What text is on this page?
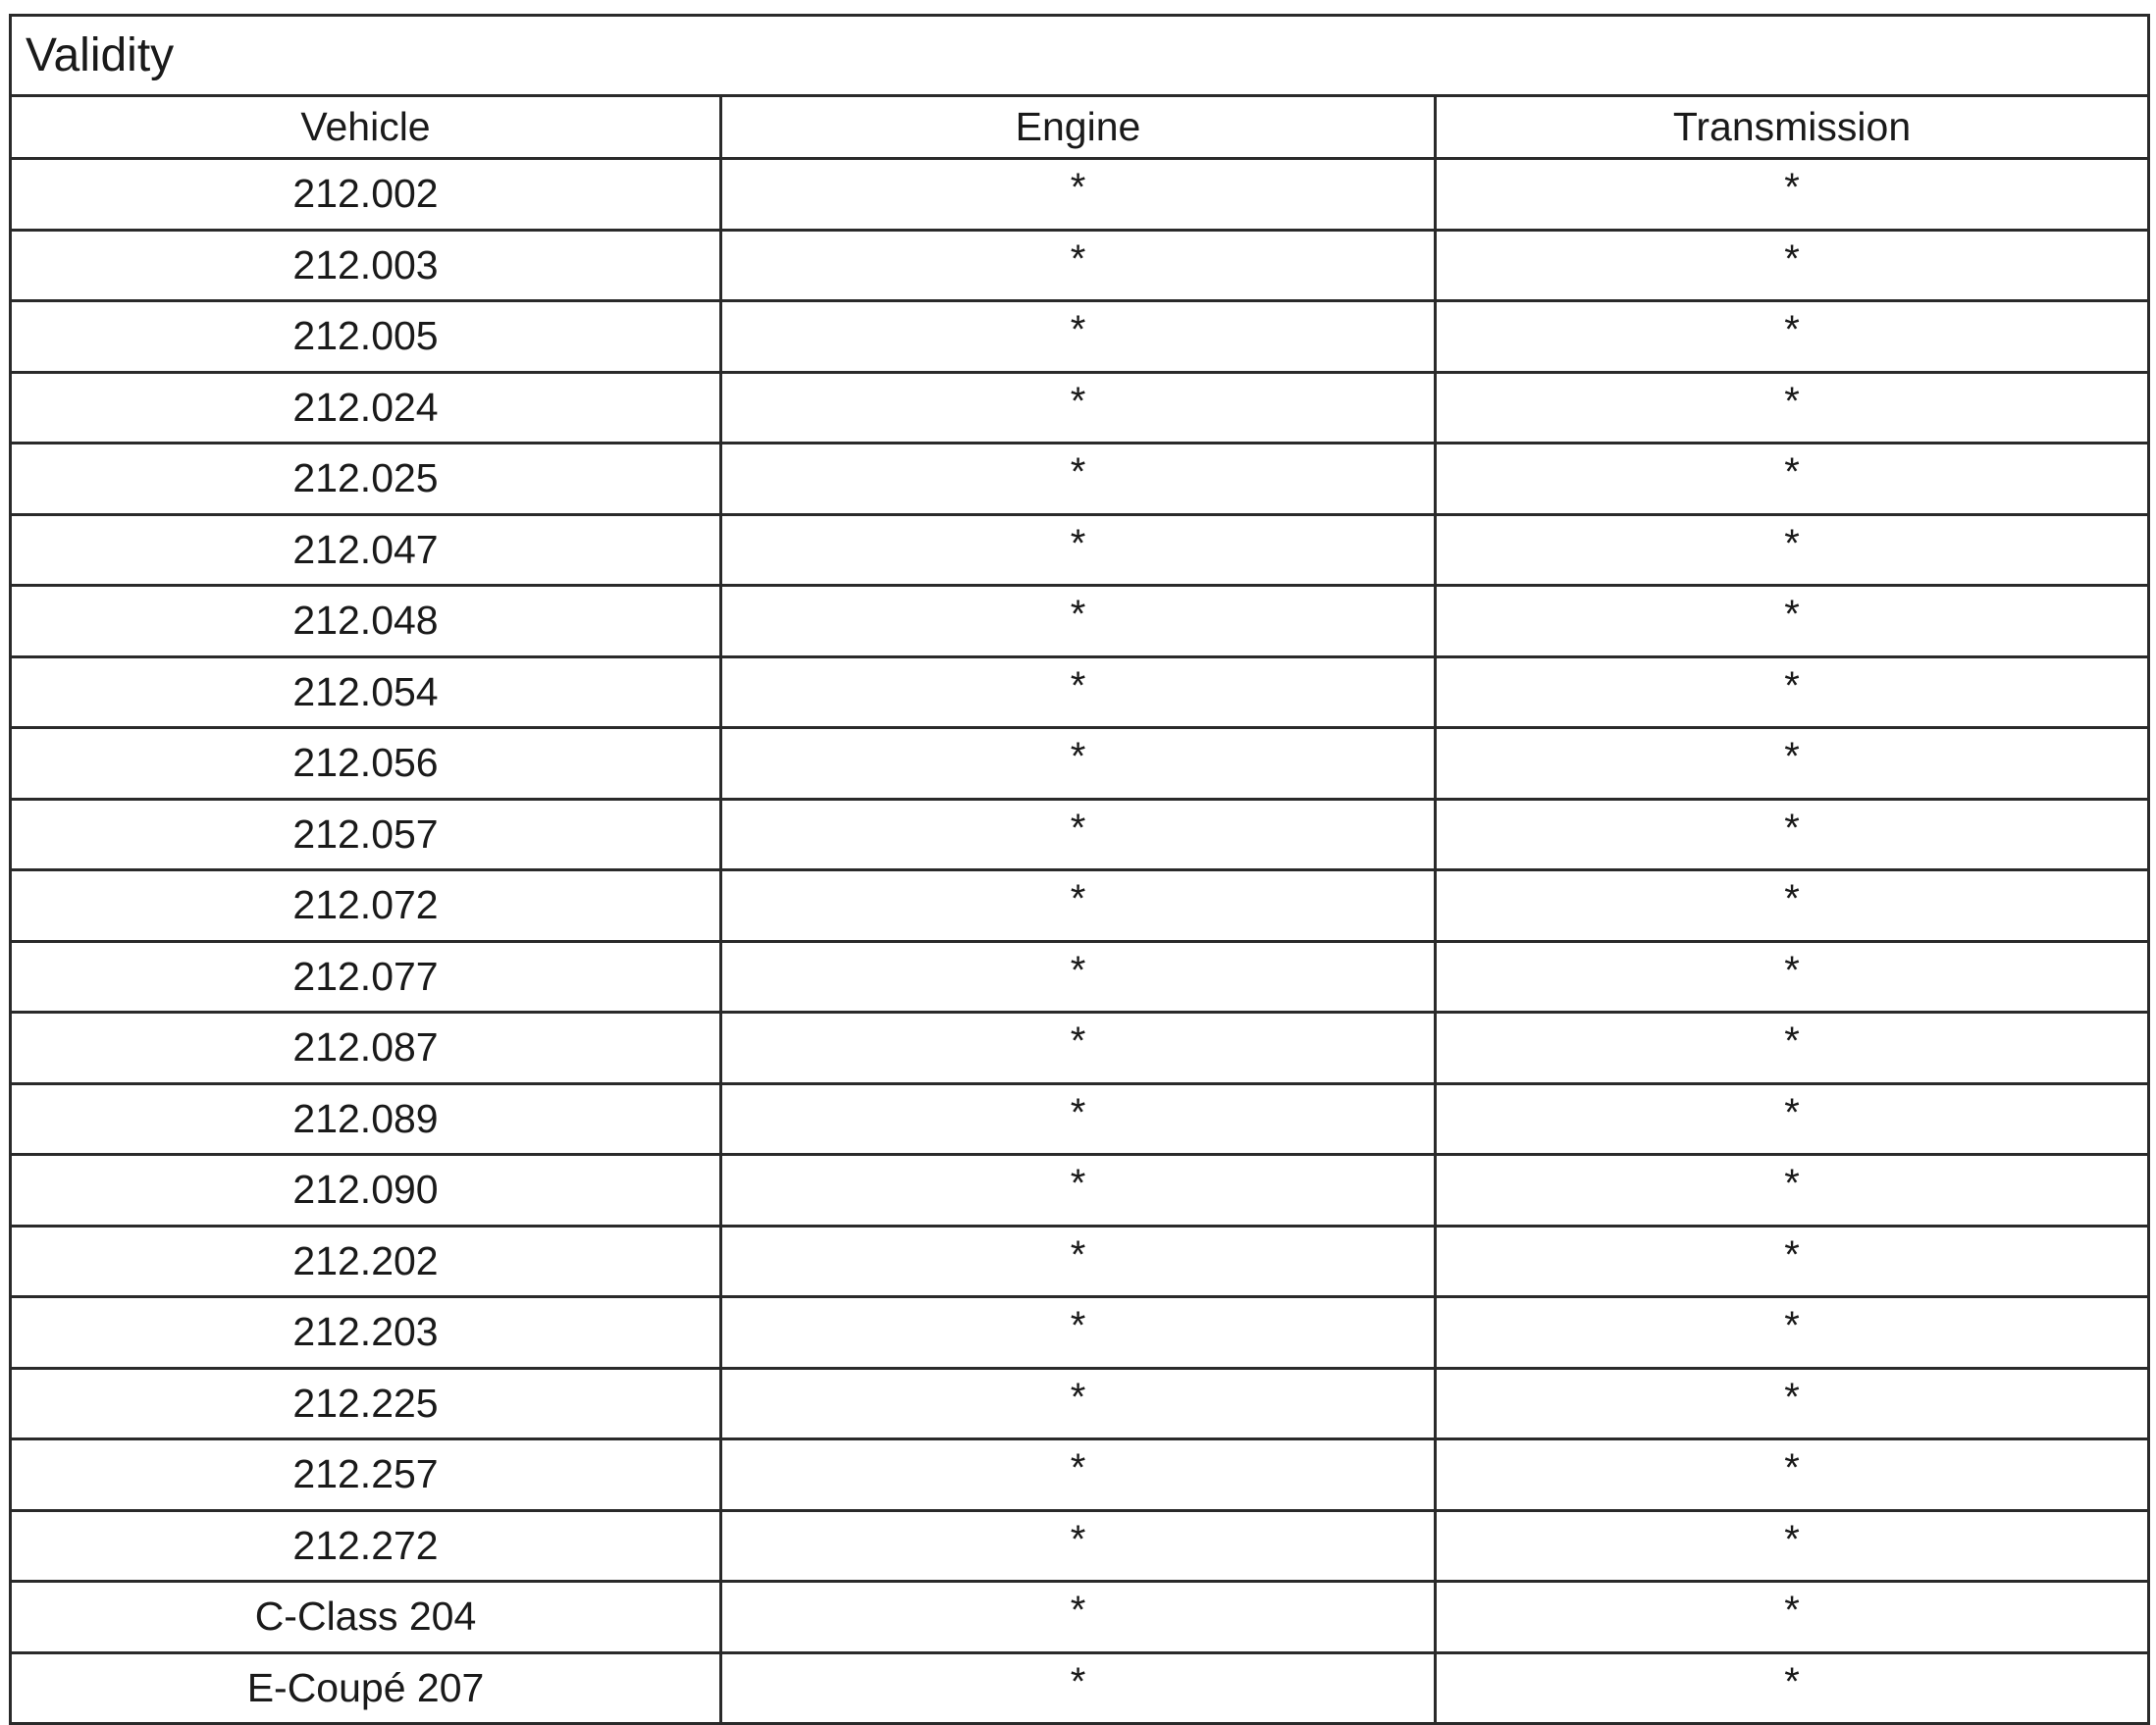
Validity		
Vehicle	Engine	Transmission
212.002	*	*
212.003	*	*
212.005	*	*
212.024	*	*
212.025	*	*
212.047	*	*
212.048	*	*
212.054	*	*
212.056	*	*
212.057	*	*
212.072	*	*
212.077	*	*
212.087	*	*
212.089	*	*
212.090	*	*
212.202	*	*
212.203	*	*
212.225	*	*
212.257	*	*
212.272	*	*
C-Class 204	*	*
E-Coupé 207	*	*
